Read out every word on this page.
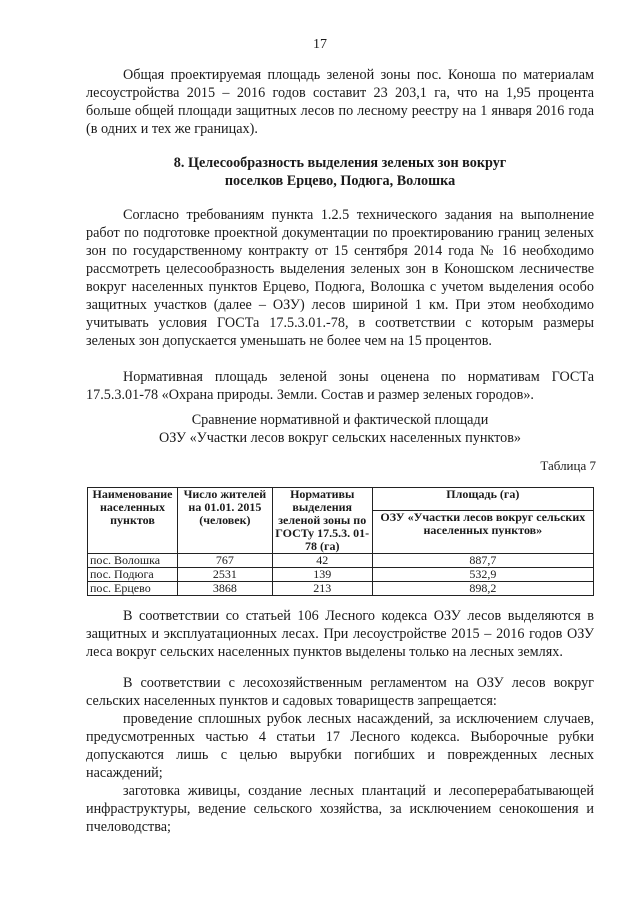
17

Общая проектируемая площадь зеленой зоны пос. Коноша по материалам лесоустройства 2015 – 2016 годов составит 23 203,1 га, что на 1,95 процента больше общей площади защитных лесов по лесному реестру на 1 января 2016 года (в одних и тех же границах).

8. Целесообразность выделения зеленых зон вокруг
поселков Ерцево, Подюга, Волошка

Согласно требованиям пункта 1.2.5 технического задания на выполнение работ по подготовке проектной документации по проектированию границ зеленых зон по государственному контракту от 15 сентября 2014 года № 16 необходимо рассмотреть целесообразность выделения зеленых зон в Коношском лесничестве вокруг населенных пунктов Ерцево, Подюга, Волошка с учетом выделения особо защитных участков (далее – ОЗУ) лесов шириной 1 км. При этом необходимо учитывать условия ГОСТа 17.5.3.01.-78, в соответствии с которым размеры зеленых зон допускается уменьшать не более чем на 15 процентов.

Нормативная площадь зеленой зоны оценена по нормативам ГОСТа 17.5.3.01-78 «Охрана природы. Земли. Состав и размер зеленых городов».

Сравнение нормативной и фактической площади
ОЗУ «Участки лесов вокруг сельских населенных пунктов»
Таблица 7
Наименование населенных пунктов	Число жителей на 01.01. 2015 (человек)	Нормативы выделения зеленой зоны по ГОСТу 17.5.3. 01-78 (га)	Площадь (га)
			ОЗУ «Участки лесов вокруг сельских населенных пунктов»
пос. Волошка	767	42	887,7
пос. Подюга	2531	139	532,9
пос. Ерцево	3868	213	898,2

В соответствии со статьей 106 Лесного кодекса ОЗУ лесов выделяются в защитных и эксплуатационных лесах. При лесоустройстве 2015 – 2016 годов ОЗУ леса вокруг сельских населенных пунктов выделены только на лесных землях.

В соответствии с лесохозяйственным регламентом на ОЗУ лесов вокруг сельских населенных пунктов и садовых товариществ запрещается:

проведение сплошных рубок лесных насаждений, за исключением случаев, предусмотренных частью 4 статьи 17 Лесного кодекса. Выборочные рубки допускаются лишь с целью вырубки погибших и поврежденных лесных насаждений;

заготовка живицы, создание лесных плантаций и лесоперерабатывающей инфраструктуры, ведение сельского хозяйства, за исключением сенокошения и пчеловодства;
